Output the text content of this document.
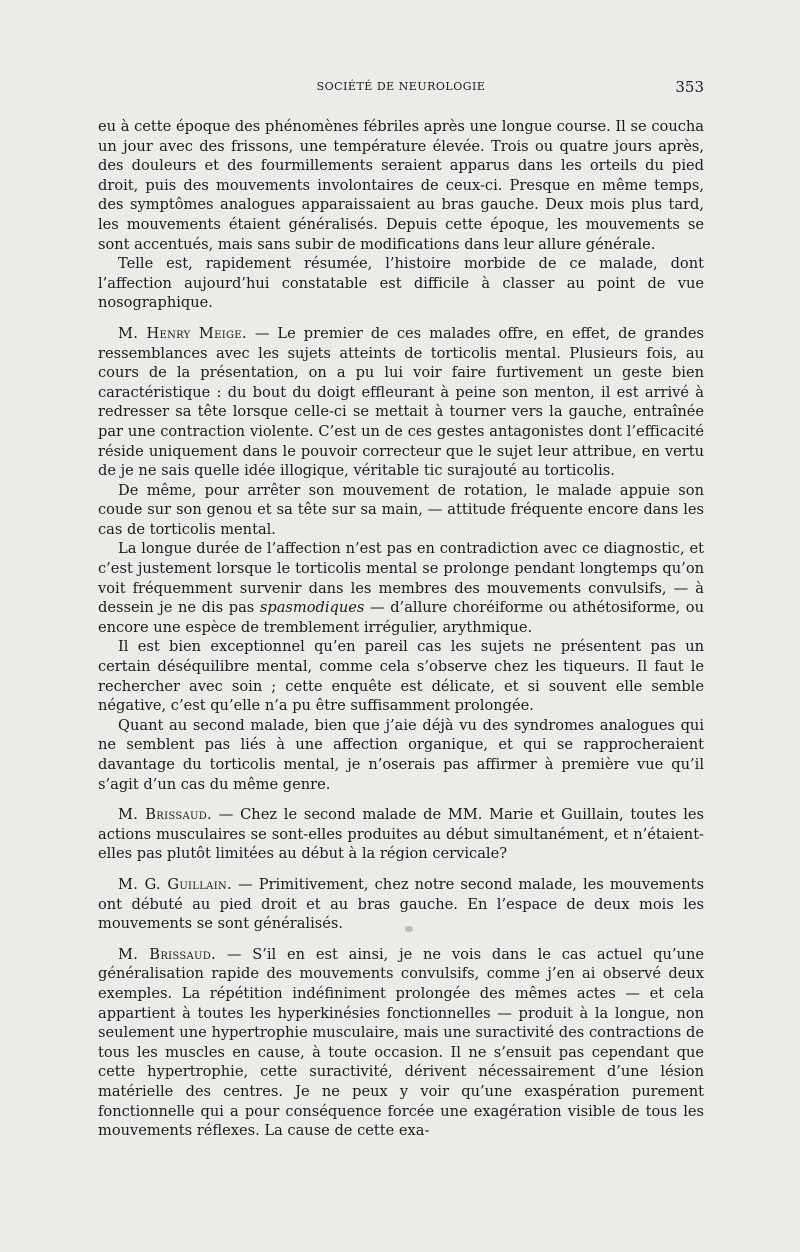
SOCIÉTÉ DE NEUROLOGIE	353

eu à cette époque des phénomènes fébriles après une longue course. Il se coucha un jour avec des frissons, une température élevée. Trois ou quatre jours après, des douleurs et des fourmillements seraient apparus dans les orteils du pied droit, puis des mouvements involontaires de ceux-ci. Presque en même temps, des symptômes analogues apparaissaient au bras gauche. Deux mois plus tard, les mouvements étaient généralisés. Depuis cette époque, les mouvements se sont accentués, mais sans subir de modifications dans leur allure générale.

Telle est, rapidement résumée, l’histoire morbide de ce malade, dont l’affection aujourd’hui constatable est difficile à classer au point de vue nosographique.

M. Henry Meige. — Le premier de ces malades offre, en effet, de grandes ressemblances avec les sujets atteints de torticolis mental. Plusieurs fois, au cours de la présentation, on a pu lui voir faire furtivement un geste bien caractéristique : du bout du doigt effleurant à peine son menton, il est arrivé à redresser sa tête lorsque celle-ci se mettait à tourner vers la gauche, entraînée par une contraction violente. C’est un de ces gestes antagonistes dont l’efficacité réside uniquement dans le pouvoir correcteur que le sujet leur attribue, en vertu de je ne sais quelle idée illogique, véritable tic surajouté au torticolis.

De même, pour arrêter son mouvement de rotation, le malade appuie son coude sur son genou et sa tête sur sa main, — attitude fréquente encore dans les cas de torticolis mental.

La longue durée de l’affection n’est pas en contradiction avec ce diagnostic, et c’est justement lorsque le torticolis mental se prolonge pendant longtemps qu’on voit fréquemment survenir dans les membres des mouvements convulsifs, — à dessein je ne dis pas spasmodiques — d’allure choréiforme ou athétosiforme, ou encore une espèce de tremblement irrégulier, arythmique.

Il est bien exceptionnel qu’en pareil cas les sujets ne présentent pas un certain déséquilibre mental, comme cela s’observe chez les tiqueurs. Il faut le rechercher avec soin ; cette enquête est délicate, et si souvent elle semble négative, c’est qu’elle n’a pu être suffisamment prolongée.

Quant au second malade, bien que j’aie déjà vu des syndromes analogues qui ne semblent pas liés à une affection organique, et qui se rapprocheraient davantage du torticolis mental, je n’oserais pas affirmer à première vue qu’il s’agit d’un cas du même genre.

M. Brissaud. — Chez le second malade de MM. Marie et Guillain, toutes les actions musculaires se sont-elles produites au début simultanément, et n’étaient-elles pas plutôt limitées au début à la région cervicale?

M. G. Guillain. — Primitivement, chez notre second malade, les mouvements ont débuté au pied droit et au bras gauche. En l’espace de deux mois les mouvements se sont généralisés.

M. Brissaud. — S’il en est ainsi, je ne vois dans le cas actuel qu’une généralisation rapide des mouvements convulsifs, comme j’en ai observé deux exemples. La répétition indéfiniment prolongée des mêmes actes — et cela appartient à toutes les hyperkinésies fonctionnelles — produit à la longue, non seulement une hypertrophie musculaire, mais une suractivité des contractions de tous les muscles en cause, à toute occasion. Il ne s’ensuit pas cependant que cette hypertrophie, cette suractivité, dérivent nécessairement d’une lésion matérielle des centres. Je ne peux y voir qu’une exaspération purement fonctionnelle qui a pour conséquence forcée une exagération visible de tous les mouvements réflexes. La cause de cette exa-
